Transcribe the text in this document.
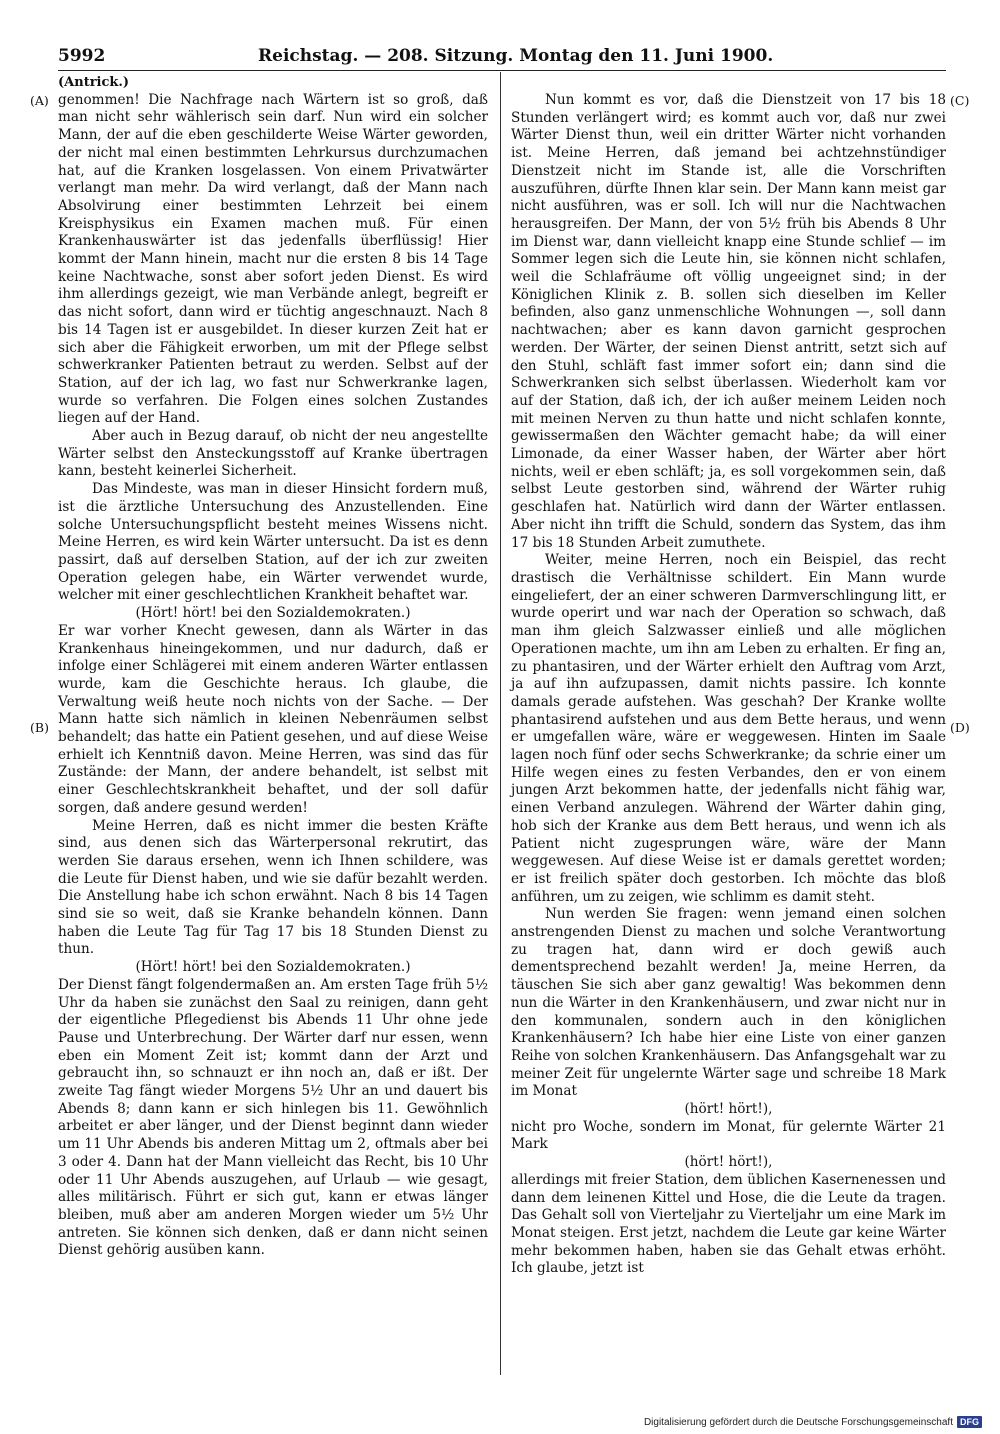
5992	Reichstag. — 208. Sitzung. Montag den 11. Juni 1900.
(A)
(B)
(C)
(D)

(Antrick.)

genommen! Die Nachfrage nach Wärtern ist so groß, daß man nicht sehr wählerisch sein darf. Nun wird ein solcher Mann, der auf die eben geschilderte Weise Wärter geworden, der nicht mal einen bestimmten Lehrkursus durchzumachen hat, auf die Kranken losgelassen. Von einem Privatwärter verlangt man mehr. Da wird verlangt, daß der Mann nach Absolvirung einer bestimmten Lehrzeit bei einem Kreisphysikus ein Examen machen muß. Für einen Krankenhauswärter ist das jedenfalls überflüssig! Hier kommt der Mann hinein, macht nur die ersten 8 bis 14 Tage keine Nachtwache, sonst aber sofort jeden Dienst. Es wird ihm allerdings gezeigt, wie man Verbände anlegt, begreift er das nicht sofort, dann wird er tüchtig angeschnauzt. Nach 8 bis 14 Tagen ist er ausgebildet. In dieser kurzen Zeit hat er sich aber die Fähigkeit erworben, um mit der Pflege selbst schwerkranker Patienten betraut zu werden. Selbst auf der Station, auf der ich lag, wo fast nur Schwerkranke lagen, wurde so verfahren. Die Folgen eines solchen Zustandes liegen auf der Hand.

Aber auch in Bezug darauf, ob nicht der neu angestellte Wärter selbst den Ansteckungsstoff auf Kranke übertragen kann, besteht keinerlei Sicherheit.

Das Mindeste, was man in dieser Hinsicht fordern muß, ist die ärztliche Untersuchung des Anzustellenden. Eine solche Untersuchungspflicht besteht meines Wissens nicht. Meine Herren, es wird kein Wärter untersucht. Da ist es denn passirt, daß auf derselben Station, auf der ich zur zweiten Operation gelegen habe, ein Wärter verwendet wurde, welcher mit einer geschlechtlichen Krankheit behaftet war.

(Hört! hört! bei den Sozialdemokraten.)

Er war vorher Knecht gewesen, dann als Wärter in das Krankenhaus hineingekommen, und nur dadurch, daß er infolge einer Schlägerei mit einem anderen Wärter entlassen wurde, kam die Geschichte heraus. Ich glaube, die Verwaltung weiß heute noch nichts von der Sache. — Der Mann hatte sich nämlich in kleinen Nebenräumen selbst behandelt; das hatte ein Patient gesehen, und auf diese Weise erhielt ich Kenntniß davon. Meine Herren, was sind das für Zustände: der Mann, der andere behandelt, ist selbst mit einer Geschlechtskrankheit behaftet, und der soll dafür sorgen, daß andere gesund werden!

Meine Herren, daß es nicht immer die besten Kräfte sind, aus denen sich das Wärterpersonal rekrutirt, das werden Sie daraus ersehen, wenn ich Ihnen schildere, was die Leute für Dienst haben, und wie sie dafür bezahlt werden. Die Anstellung habe ich schon erwähnt. Nach 8 bis 14 Tagen sind sie so weit, daß sie Kranke behandeln können. Dann haben die Leute Tag für Tag 17 bis 18 Stunden Dienst zu thun.

(Hört! hört! bei den Sozialdemokraten.)

Der Dienst fängt folgendermaßen an. Am ersten Tage früh 5½ Uhr da haben sie zunächst den Saal zu reinigen, dann geht der eigentliche Pflegedienst bis Abends 11 Uhr ohne jede Pause und Unterbrechung. Der Wärter darf nur essen, wenn eben ein Moment Zeit ist; kommt dann der Arzt und gebraucht ihn, so schnauzt er ihn noch an, daß er ißt. Der zweite Tag fängt wieder Morgens 5½ Uhr an und dauert bis Abends 8; dann kann er sich hinlegen bis 11. Gewöhnlich arbeitet er aber länger, und der Dienst beginnt dann wieder um 11 Uhr Abends bis anderen Mittag um 2, oftmals aber bei 3 oder 4. Dann hat der Mann vielleicht das Recht, bis 10 Uhr oder 11 Uhr Abends auszugehen, auf Urlaub — wie gesagt, alles militärisch. Führt er sich gut, kann er etwas länger bleiben, muß aber am anderen Morgen wieder um 5½ Uhr antreten. Sie können sich denken, daß er dann nicht seinen Dienst gehörig ausüben kann.

Nun kommt es vor, daß die Dienstzeit von 17 bis 18 Stunden verlängert wird; es kommt auch vor, daß nur zwei Wärter Dienst thun, weil ein dritter Wärter nicht vorhanden ist. Meine Herren, daß jemand bei achtzehnstündiger Dienstzeit nicht im Stande ist, alle die Vorschriften auszuführen, dürfte Ihnen klar sein. Der Mann kann meist gar nicht ausführen, was er soll. Ich will nur die Nachtwachen herausgreifen. Der Mann, der von 5½ früh bis Abends 8 Uhr im Dienst war, dann vielleicht knapp eine Stunde schlief — im Sommer legen sich die Leute hin, sie können nicht schlafen, weil die Schlafräume oft völlig ungeeignet sind; in der Königlichen Klinik z. B. sollen sich dieselben im Keller befinden, also ganz unmenschliche Wohnungen —, soll dann nachtwachen; aber es kann davon garnicht gesprochen werden. Der Wärter, der seinen Dienst antritt, setzt sich auf den Stuhl, schläft fast immer sofort ein; dann sind die Schwerkranken sich selbst überlassen. Wiederholt kam vor auf der Station, daß ich, der ich außer meinem Leiden noch mit meinen Nerven zu thun hatte und nicht schlafen konnte, gewissermaßen den Wächter gemacht habe; da will einer Limonade, da einer Wasser haben, der Wärter aber hört nichts, weil er eben schläft; ja, es soll vorgekommen sein, daß selbst Leute gestorben sind, während der Wärter ruhig geschlafen hat. Natürlich wird dann der Wärter entlassen. Aber nicht ihn trifft die Schuld, sondern das System, das ihm 17 bis 18 Stunden Arbeit zumuthete.

Weiter, meine Herren, noch ein Beispiel, das recht drastisch die Verhältnisse schildert. Ein Mann wurde eingeliefert, der an einer schweren Darmverschlingung litt, er wurde operirt und war nach der Operation so schwach, daß man ihm gleich Salzwasser einließ und alle möglichen Operationen machte, um ihn am Leben zu erhalten. Er fing an, zu phantasiren, und der Wärter erhielt den Auftrag vom Arzt, ja auf ihn aufzupassen, damit nichts passire. Ich konnte damals gerade aufstehen. Was geschah? Der Kranke wollte phantasirend aufstehen und aus dem Bette heraus, und wenn er umgefallen wäre, wäre er weggewesen. Hinten im Saale lagen noch fünf oder sechs Schwerkranke; da schrie einer um Hilfe wegen eines zu festen Verbandes, den er von einem jungen Arzt bekommen hatte, der jedenfalls nicht fähig war, einen Verband anzulegen. Während der Wärter dahin ging, hob sich der Kranke aus dem Bett heraus, und wenn ich als Patient nicht zugesprungen wäre, wäre der Mann weggewesen. Auf diese Weise ist er damals gerettet worden; er ist freilich später doch gestorben. Ich möchte das bloß anführen, um zu zeigen, wie schlimm es damit steht.

Nun werden Sie fragen: wenn jemand einen solchen anstrengenden Dienst zu machen und solche Verantwortung zu tragen hat, dann wird er doch gewiß auch dementsprechend bezahlt werden! Ja, meine Herren, da täuschen Sie sich aber ganz gewaltig! Was bekommen denn nun die Wärter in den Krankenhäusern, und zwar nicht nur in den kommunalen, sondern auch in den königlichen Krankenhäusern? Ich habe hier eine Liste von einer ganzen Reihe von solchen Krankenhäusern. Das Anfangsgehalt war zu meiner Zeit für ungelernte Wärter sage und schreibe 18 Mark im Monat

(hört! hört!),

nicht pro Woche, sondern im Monat, für gelernte Wärter 21 Mark

(hört! hört!),

allerdings mit freier Station, dem üblichen Kasernenessen und dann dem leinenen Kittel und Hose, die die Leute da tragen. Das Gehalt soll von Vierteljahr zu Vierteljahr um eine Mark im Monat steigen. Erst jetzt, nachdem die Leute gar keine Wärter mehr bekommen haben, haben sie das Gehalt etwas erhöht. Ich glaube, jetzt ist

Digitalisierung gefördert durch die Deutsche Forschungsgemeinschaft DFG
